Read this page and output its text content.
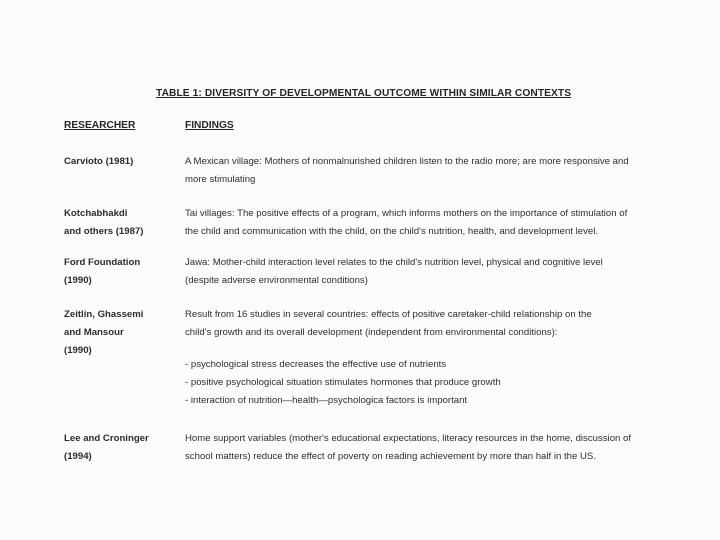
TABLE 1: DIVERSITY OF DEVELOPMENTAL OUTCOME WITHIN SIMILAR CONTEXTS
RESEARCHER	FINDINGS
Carvioto (1981)	A Mexican village: Mothers of nonmalnurished children listen to the radio more; are more responsive and
more stimulating
Kotchabhakdi
and others (1987)
Tai villages: The positive effects of a program, which informs mothers on the importance of stimulation of
the child and communication with the child, on the child's nutrition, health, and development level.
Ford Foundation
(1990)
Jawa: Mother-child interaction level relates to the child's nutrition level, physical and cognitive level
(despite adverse environmental conditions)
Zeitlin, Ghassemi
and Mansour
(1990)
Result from 16 studies in several countries: effects of positive caretaker-child relationship on the
child's growth and its overall development (independent from environmental conditions):
- psychological stress decreases the effective use of nutrients
- positive psychological situation stimulates hormones that produce growth
- interaction of nutrition—health—psychologica factors is important
Lee and Croninger
(1994)
Home support variables (mother's educational expectations, literacy resources in the home, discussion of
school matters) reduce the effect of poverty on reading achievement by more than half in the US.
